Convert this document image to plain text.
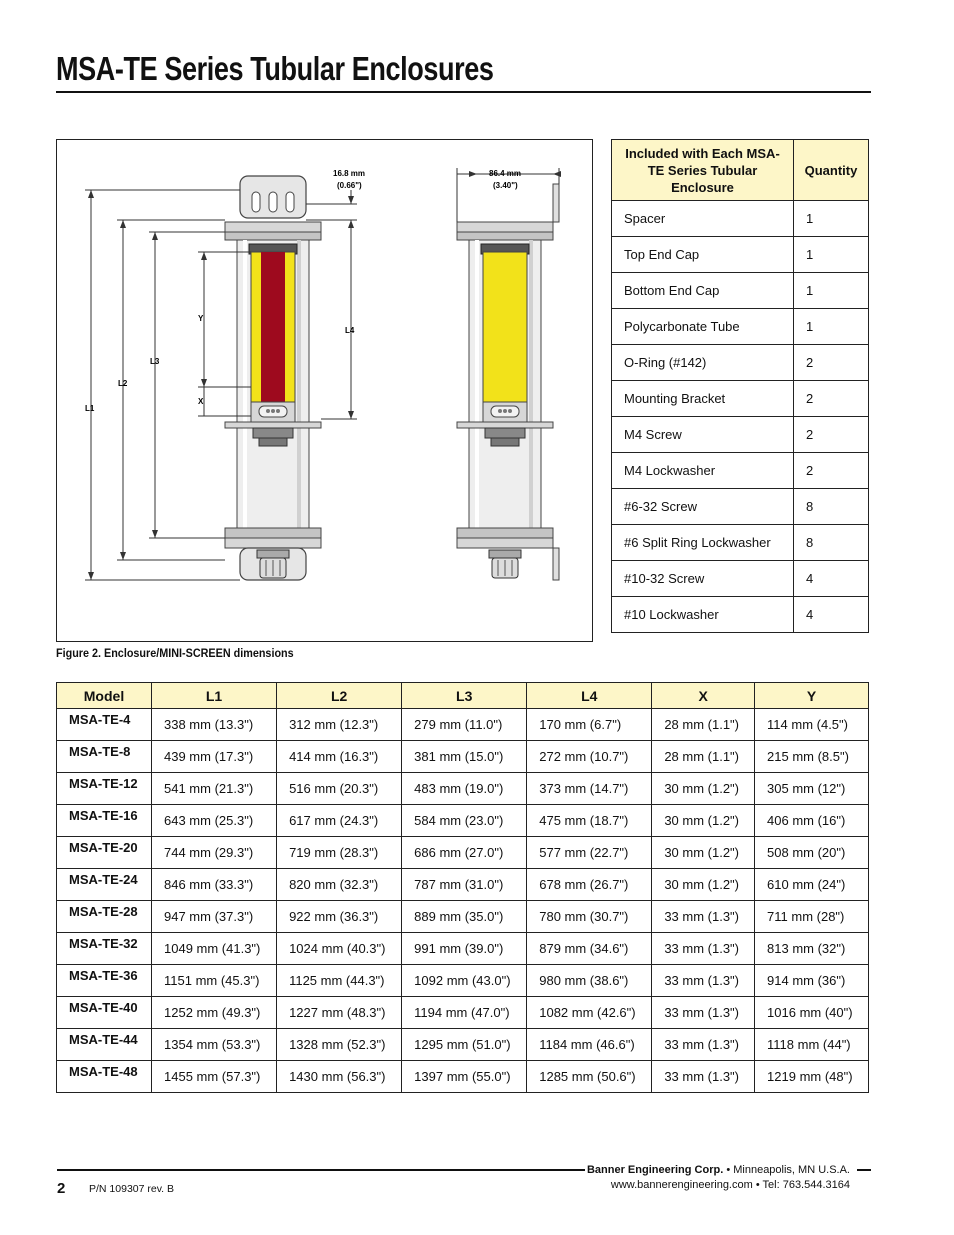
MSA-TE Series Tubular Enclosures
16.8 mm
(0.66")
86.4 mm
(3.40")
L1
L2
L3
L4
Y
X
Figure 2. Enclosure/MINI-SCREEN dimensions
Included with Each MSA-TE Series Tubular Enclosure	Quantity
Spacer	1
Top End Cap	1
Bottom End Cap	1
Polycarbonate Tube	1
O-Ring (#142)	2
Mounting Bracket	2
M4 Screw	2
M4 Lockwasher	2
#6-32 Screw	8
#6 Split Ring Lockwasher	8
#10-32 Screw	4
#10 Lockwasher	4
Model	L1	L2	L3	L4	X	Y
MSA-TE-4	338 mm (13.3")	312 mm (12.3")	279 mm (11.0")	170 mm (6.7")	28 mm (1.1")	114 mm (4.5")
MSA-TE-8	439 mm (17.3")	414 mm (16.3")	381 mm (15.0")	272 mm (10.7")	28 mm (1.1")	215 mm (8.5")
MSA-TE-12	541 mm (21.3")	516 mm (20.3")	483 mm (19.0")	373 mm (14.7")	30 mm (1.2")	305 mm (12")
MSA-TE-16	643 mm (25.3")	617 mm (24.3")	584 mm (23.0")	475 mm (18.7")	30 mm (1.2")	406 mm (16")
MSA-TE-20	744 mm (29.3")	719 mm (28.3")	686 mm (27.0")	577 mm (22.7")	30 mm (1.2")	508 mm (20")
MSA-TE-24	846 mm (33.3")	820 mm (32.3")	787 mm (31.0")	678 mm (26.7")	30 mm (1.2")	610 mm (24")
MSA-TE-28	947 mm (37.3")	922 mm (36.3")	889 mm (35.0")	780 mm (30.7")	33 mm (1.3")	711 mm (28")
MSA-TE-32	1049 mm (41.3")	1024 mm (40.3")	991 mm (39.0")	879 mm (34.6")	33 mm (1.3")	813 mm (32")
MSA-TE-36	1151 mm (45.3")	1125 mm (44.3")	1092 mm (43.0")	980 mm (38.6")	33 mm (1.3")	914 mm (36")
MSA-TE-40	1252 mm (49.3")	1227 mm (48.3")	1194 mm (47.0")	1082 mm (42.6")	33 mm (1.3")	1016 mm (40")
MSA-TE-44	1354 mm (53.3")	1328 mm (52.3")	1295 mm (51.0")	1184 mm (46.6")	33 mm (1.3")	1118 mm (44")
MSA-TE-48	1455 mm (57.3")	1430 mm (56.3")	1397 mm (55.0")	1285 mm (50.6")	33 mm (1.3")	1219 mm (48")
2 P/N 109307 rev. B
Banner Engineering Corp. • Minneapolis, MN U.S.A.
www.bannerengineering.com • Tel: 763.544.3164
